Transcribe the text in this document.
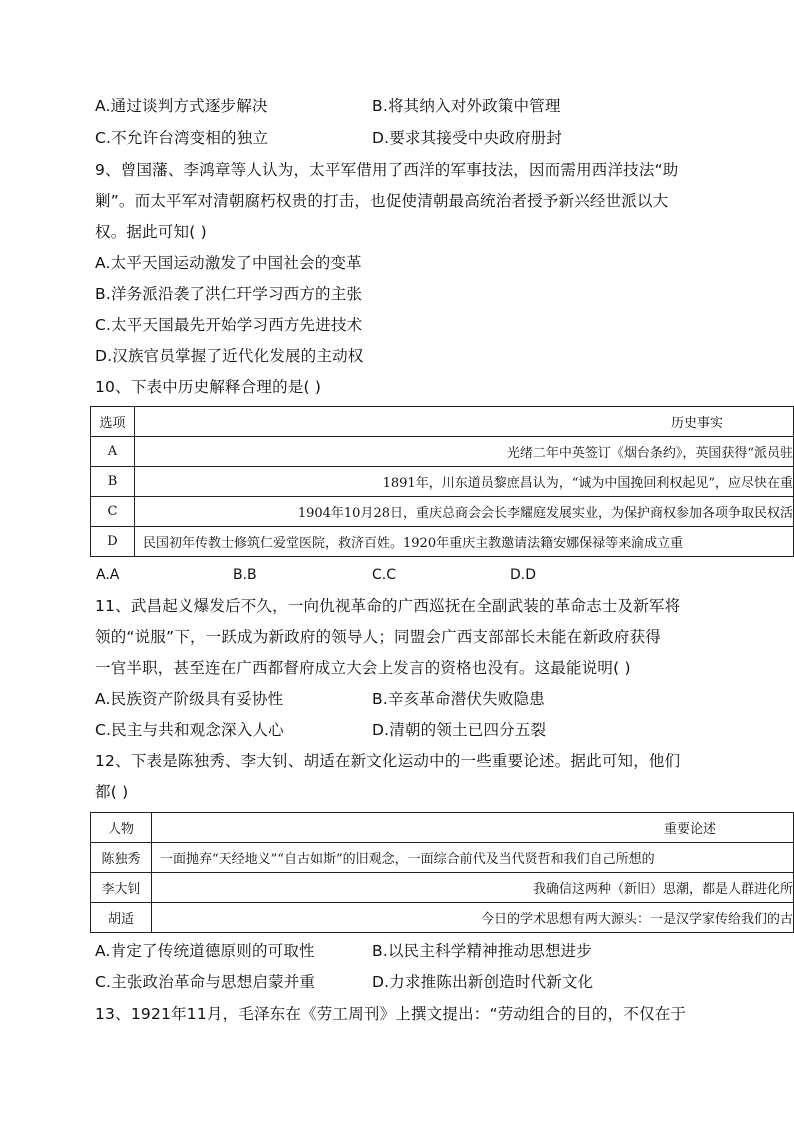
A.通过谈判方式逐步解决	B.将其纳入对外政策中管理
C.不允许台湾变相的独立	D.要求其接受中央政府册封
9、曾国藩、李鸿章等人认为，太平军借用了西洋的军事技法，因而需用西洋技法“助
剿”。而太平军对清朝腐朽权贵的打击，也促使清朝最高统治者授予新兴经世派以大
权。据此可知( )
A.太平天国运动激发了中国社会的变革
B.洋务派沿袭了洪仁玕学习西方的主张
C.太平天国最先开始学习西方先进技术
D.汉族官员掌握了近代化发展的主动权
10、下表中历史解释合理的是( )
选项	历史事实
A	光绪二年中英签订《烟台条约》，英国获得“派员驻
B	1891年，川东道员黎庶昌认为，“诚为中国挽回利权起见”，应尽快在重
C	1904年10月28日，重庆总商会会长李耀庭发展实业，为保护商权参加各项争取民权活
D	民国初年传教士修筑仁爱堂医院，救济百姓。1920年重庆主教邀请法籍安娜保禄等来渝成立重
A.A	B.B	C.C	D.D
11、武昌起义爆发后不久，一向仇视革命的广西巡抚在全副武装的革命志士及新军将
领的“说服”下，一跃成为新政府的领导人；同盟会广西支部部长未能在新政府获得
一官半职，甚至连在广西都督府成立大会上发言的资格也没有。这最能说明( )
A.民族资产阶级具有妥协性	B.辛亥革命潜伏失败隐患
C.民主与共和观念深入人心	D.清朝的领土已四分五裂
12、下表是陈独秀、李大钊、胡适在新文化运动中的一些重要论述。据此可知，他们
都( )
人物	重要论述
陈独秀	一面抛弃“天经地义”“自古如斯”的旧观念，一面综合前代及当代贤哲和我们自己所想的
李大钊	我确信这两种（新旧）思潮，都是人群进化所
胡适	今日的学术思想有两大源头：一是汉学家传给我们的古
A.肯定了传统道德原则的可取性	B.以民主科学精神推动思想进步
C.主张政治革命与思想启蒙并重	D.力求推陈出新创造时代新文化
13、1921年11月，毛泽东在《劳工周刊》上撰文提出：“劳动组合的目的，不仅在于
